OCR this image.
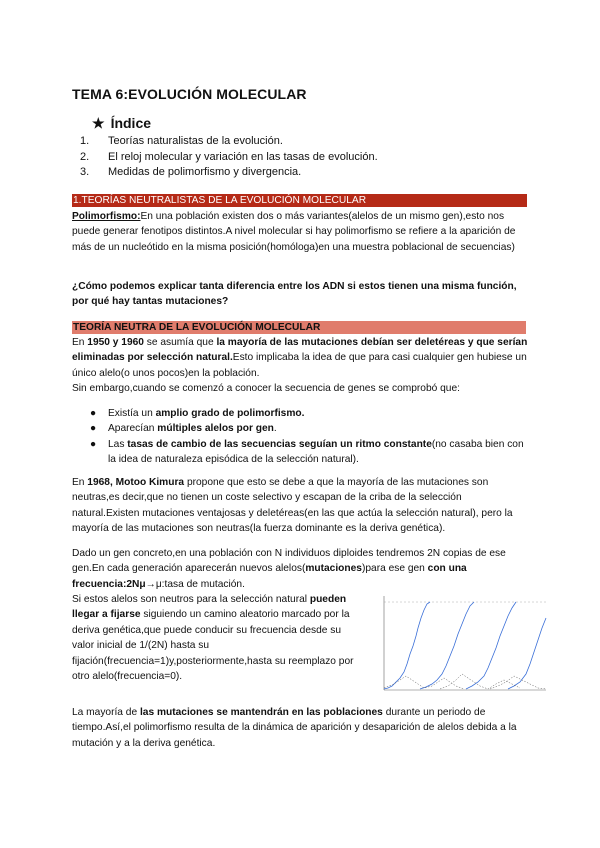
TEMA 6:EVOLUCIÓN MOLECULAR
★ Índice
1.	Teorías naturalistas de la evolución.
2.	El reloj molecular y variación en las tasas de evolución.
3.	Medidas de polimorfismo y divergencia.
1.TEORÍAS NEUTRALISTAS DE LA EVOLUCIÓN MOLECULAR
Polimorfismo:En una población existen dos o más variantes(alelos de un mismo gen),esto nos puede generar fenotipos distintos.A nivel molecular si hay polimorfismo se refiere a la aparición de más de un nucleótido en la misma posición(homóloga)en una muestra poblacional de secuencias)
¿Cómo podemos explicar tanta diferencia entre los ADN si estos tienen una misma función, por qué hay tantas mutaciones?
TEORÍA NEUTRA DE LA EVOLUCIÓN MOLECULAR
En 1950 y 1960 se asumía que la mayoría de las mutaciones debían ser deletéreas y que serían eliminadas por selección natural.Esto implicaba la idea de que para casi cualquier gen hubiese un único alelo(o unos pocos)en la población.
Sin embargo,cuando se comenzó a conocer la secuencia de genes se comprobó que:
●	Existía un amplio grado de polimorfismo.
●	Aparecían múltiples alelos por gen.
●	Las tasas de cambio de las secuencias seguían un ritmo constante(no casaba bien con la idea de naturaleza episódica de la selección natural).
En 1968, Motoo Kimura propone que esto se debe a que la mayoría de las mutaciones son neutras,es decir,que no tienen un coste selectivo y escapan de la criba de la selección natural.Existen mutaciones ventajosas y deletéreas(en las que actúa la selección natural), pero la mayoría de las mutaciones son neutras(la fuerza dominante es la deriva genética).
Dado un gen concreto,en una población con N individuos diploides tendremos 2N copias de ese gen.En cada generación aparecerán nuevos alelos(mutaciones)para ese gen con una frecuencia:2Nμ→μ:tasa de mutación.
Si estos alelos son neutros para la selección natural pueden llegar a fijarse siguiendo un camino aleatorio marcado por la deriva genética,que puede conducir su frecuencia desde su valor inicial de 1/(2N) hasta su fijación(frecuencia=1)y,posteriormente,hasta su reemplazo por otro alelo(frecuencia=0).
La mayoría de las mutaciones se mantendrán en las poblaciones durante un periodo de tiempo.Así,el polimorfismo resulta de la dinámica de aparición y desaparición de alelos debida a la mutación y a la deriva genética.
